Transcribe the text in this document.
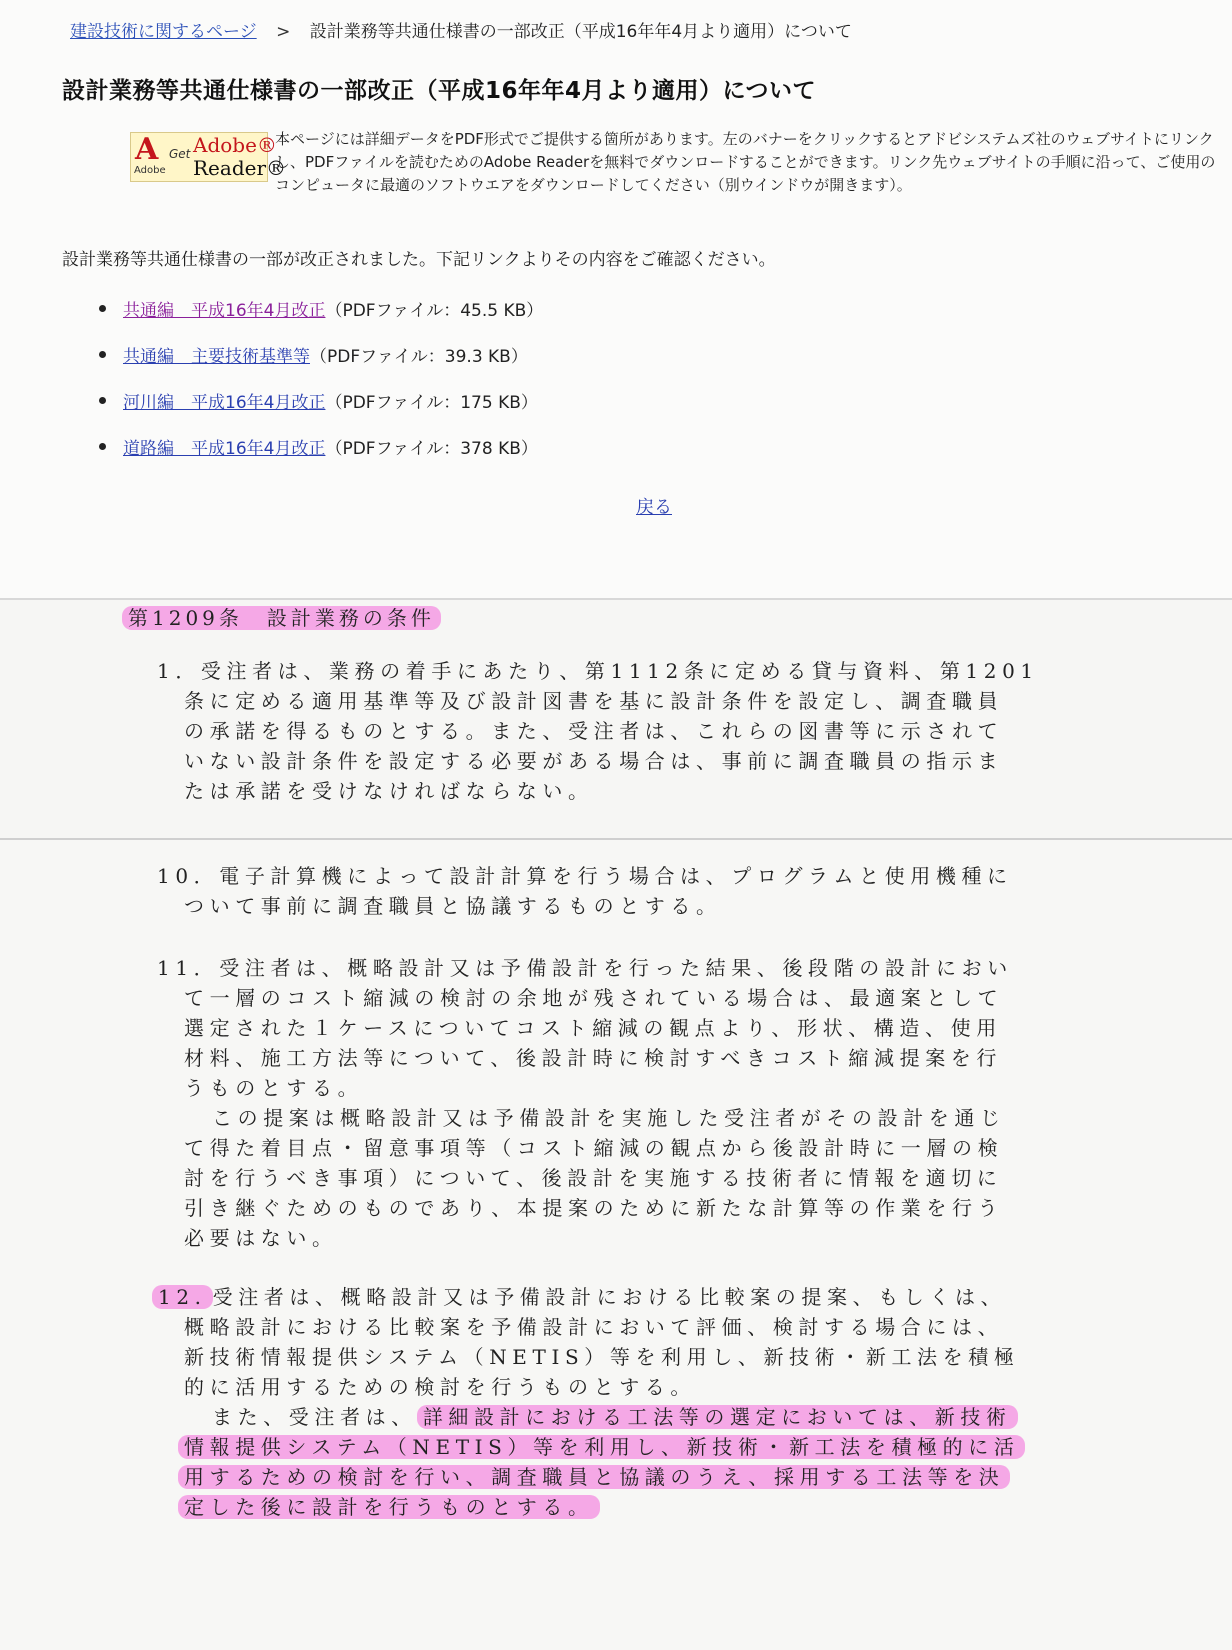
建設技術に関するページ > 設計業務等共通仕様書の一部改正（平成16年年4月より適用）について
設計業務等共通仕様書の一部改正（平成16年年4月より適用）について
A
Adobe
Get Adobe®
Reader®

本ページには詳細データをPDF形式でご提供する箇所があります。左のバナーをクリックするとアドビシステムズ社のウェブサイトにリンクし、PDFファイルを読むためのAdobe Readerを無料でダウンロードすることができます。リンク先ウェブサイトの手順に沿って、ご使用のコンピュータに最適のソフトウエアをダウンロードしてください（別ウインドウが開きます）。

設計業務等共通仕様書の一部が改正されました。下記リンクよりその内容をご確認ください。

共通編　平成16年4月改正（PDFファイル：45.5 KB）
共通編　主要技術基準等（PDFファイル：39.3 KB）
河川編　平成16年4月改正（PDFファイル：175 KB）
道路編　平成16年4月改正（PDFファイル：378 KB）
戻る
第1209条　設計業務の条件
1．受注者は、業務の着手にあたり、第1112条に定める貸与資料、第1201
条に定める適用基準等及び設計図書を基に設計条件を設定し、調査職員
の承諾を得るものとする。また、受注者は、これらの図書等に示されて
いない設計条件を設定する必要がある場合は、事前に調査職員の指示ま
たは承諾を受けなければならない。
10．電子計算機によって設計計算を行う場合は、プログラムと使用機種に
ついて事前に調査職員と協議するものとする。
11．受注者は、概略設計又は予備設計を行った結果、後段階の設計におい
て一層のコスト縮減の検討の余地が残されている場合は、最適案として
選定された１ケースについてコスト縮減の観点より、形状、構造、使用
材料、施工方法等について、後設計時に検討すべきコスト縮減提案を行
うものとする。
この提案は概略設計又は予備設計を実施した受注者がその設計を通じ
て得た着目点・留意事項等（コスト縮減の観点から後設計時に一層の検
討を行うべき事項）について、後設計を実施する技術者に情報を適切に
引き継ぐためのものであり、本提案のために新たな計算等の作業を行う
必要はない。
12. 受注者は、概略設計又は予備設計における比較案の提案、もしくは、
概略設計における比較案を予備設計において評価、検討する場合には、
新技術情報提供システム（NETIS）等を利用し、新技術・新工法を積極
的に活用するための検討を行うものとする。
また、受注者は、 詳細設計における工法等の選定においては、新技術
情報提供システム（NETIS）等を利用し、新技術・新工法を積極的に活
用するための検討を行い、調査職員と協議のうえ、採用する工法等を決
定した後に設計を行うものとする。
